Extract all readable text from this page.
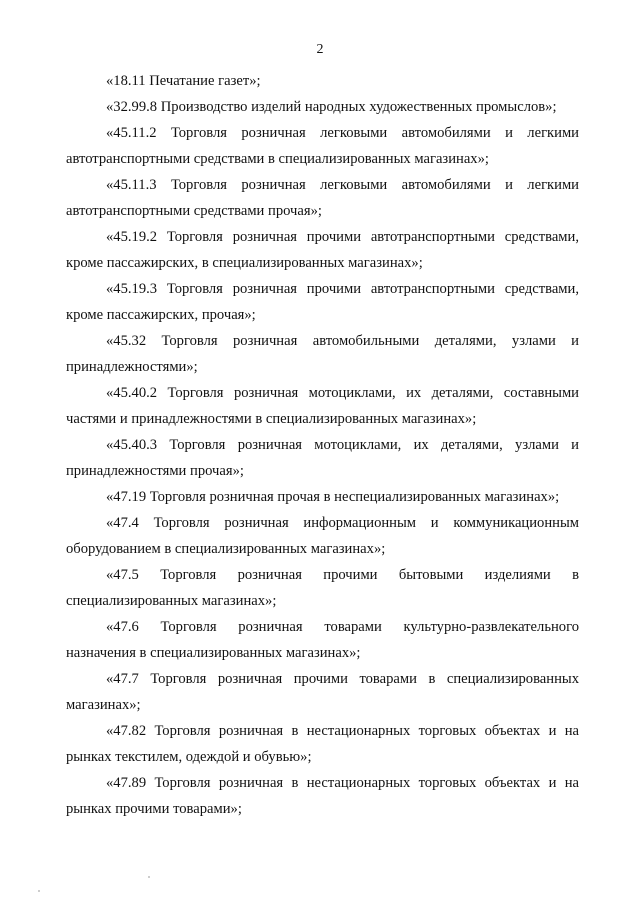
2

«18.11 Печатание газет»;

«32.99.8 Производство изделий народных художественных промыслов»;

«45.11.2 Торговля розничная легковыми автомобилями и легкими автотранспортными средствами в специализированных магазинах»;

«45.11.3 Торговля розничная легковыми автомобилями и легкими автотранспортными средствами прочая»;

«45.19.2 Торговля розничная прочими автотранспортными средствами, кроме пассажирских, в специализированных магазинах»;

«45.19.3 Торговля розничная прочими автотранспортными средствами, кроме пассажирских, прочая»;

«45.32 Торговля розничная автомобильными деталями, узлами и принадлежностями»;

«45.40.2 Торговля розничная мотоциклами, их деталями, составными частями и принадлежностями в специализированных магазинах»;

«45.40.3 Торговля розничная мотоциклами, их деталями, узлами и принадлежностями прочая»;

«47.19 Торговля розничная прочая в неспециализированных магазинах»;

«47.4 Торговля розничная информационным и коммуникационным оборудованием в специализированных магазинах»;

«47.5 Торговля розничная прочими бытовыми изделиями в специализированных магазинах»;

«47.6 Торговля розничная товарами культурно-развлекательного назначения в специализированных магазинах»;

«47.7 Торговля розничная прочими товарами в специализированных магазинах»;

«47.82 Торговля розничная в нестационарных торговых объектах и на рынках текстилем, одеждой и обувью»;

«47.89 Торговля розничная в нестационарных торговых объектах и на рынках прочими товарами»;
